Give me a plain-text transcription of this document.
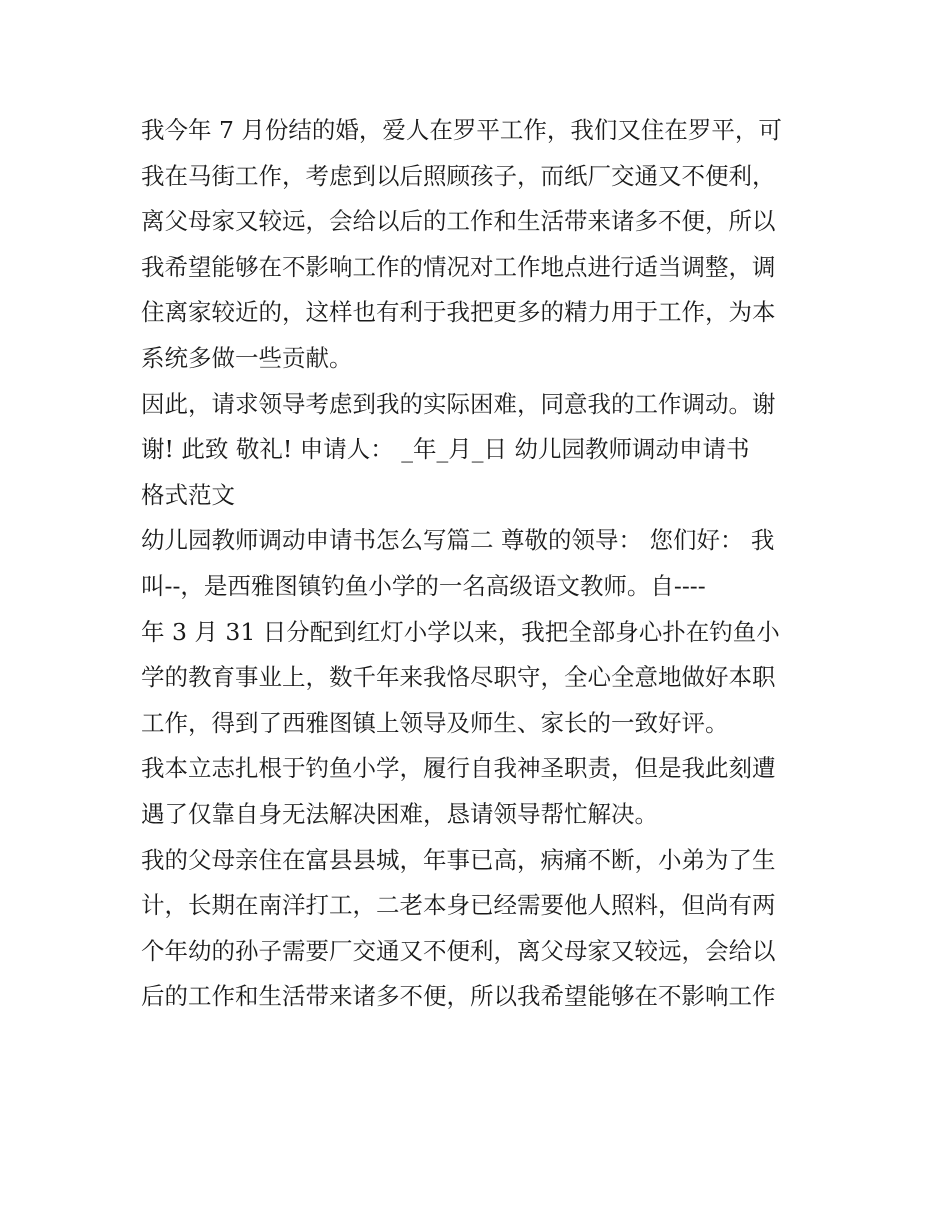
我今年 7 月份结的婚，爱人在罗平工作，我们又住在罗平，可
我在马街工作，考虑到以后照顾孩子，而纸厂交通又不便利，
离父母家又较远，会给以后的工作和生活带来诸多不便，所以
我希望能够在不影响工作的情况对工作地点进行适当调整，调
住离家较近的，这样也有利于我把更多的精力用于工作，为本
系统多做一些贡献。
因此，请求领导考虑到我的实际困难，同意我的工作调动。谢
谢! 此致 敬礼! 申请人： _年_月_日 幼儿园教师调动申请书
格式范文
幼儿园教师调动申请书怎么写篇二 尊敬的领导： 您们好： 我
叫--，是西雅图镇钓鱼小学的一名高级语文教师。自----
年 3 月 31 日分配到红灯小学以来，我把全部身心扑在钓鱼小
学的教育事业上，数千年来我恪尽职守，全心全意地做好本职
工作，得到了西雅图镇上领导及师生、家长的一致好评。
我本立志扎根于钓鱼小学，履行自我神圣职责，但是我此刻遭
遇了仅靠自身无法解决困难，恳请领导帮忙解决。
我的父母亲住在富县县城，年事已高，病痛不断，小弟为了生
计，长期在南洋打工，二老本身已经需要他人照料，但尚有两
个年幼的孙子需要厂交通又不便利，离父母家又较远，会给以
后的工作和生活带来诸多不便，所以我希望能够在不影响工作
